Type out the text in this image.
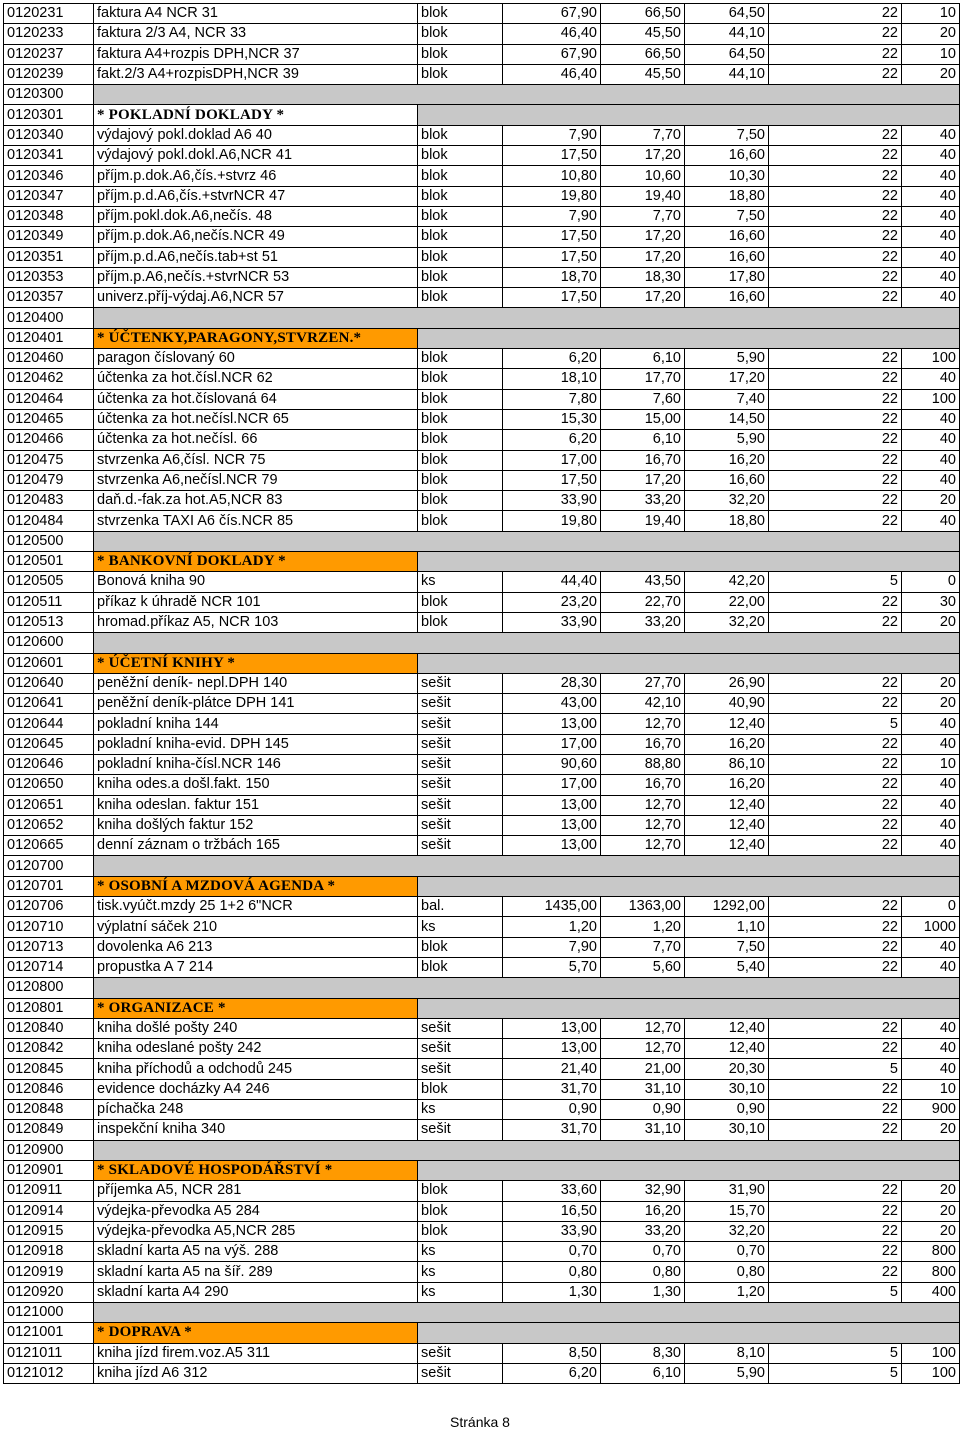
0120231	faktura A4 NCR 31	blok	67,90	66,50	64,50	22	10
0120233	faktura 2/3 A4, NCR 33	blok	46,40	45,50	44,10	22	20
0120237	faktura A4+rozpis DPH,NCR 37	blok	67,90	66,50	64,50	22	10
0120239	fakt.2/3 A4+rozpisDPH,NCR 39	blok	46,40	45,50	44,10	22	20
0120300							
0120301	* POKLADNÍ DOKLADY *						
0120340	výdajový pokl.doklad A6 40	blok	7,90	7,70	7,50	22	40
0120341	výdajový pokl.dokl.A6,NCR 41	blok	17,50	17,20	16,60	22	40
0120346	příjm.p.dok.A6,čís.+stvrz 46	blok	10,80	10,60	10,30	22	40
0120347	příjm.p.d.A6,čís.+stvrNCR 47	blok	19,80	19,40	18,80	22	40
0120348	příjm.pokl.dok.A6,nečís. 48	blok	7,90	7,70	7,50	22	40
0120349	příjm.p.dok.A6,nečís.NCR 49	blok	17,50	17,20	16,60	22	40
0120351	příjm.p.d.A6,nečís.tab+st 51	blok	17,50	17,20	16,60	22	40
0120353	příjm.p.A6,nečís.+stvrNCR 53	blok	18,70	18,30	17,80	22	40
0120357	univerz.příj-výdaj.A6,NCR 57	blok	17,50	17,20	16,60	22	40
0120400							
0120401	* ÚČTENKY,PARAGONY,STVRZEN.*						
0120460	paragon číslovaný 60	blok	6,20	6,10	5,90	22	100
0120462	účtenka za hot.čísl.NCR 62	blok	18,10	17,70	17,20	22	40
0120464	účtenka za hot.číslovaná 64	blok	7,80	7,60	7,40	22	100
0120465	účtenka za hot.nečísl.NCR 65	blok	15,30	15,00	14,50	22	40
0120466	účtenka za hot.nečísl. 66	blok	6,20	6,10	5,90	22	40
0120475	stvrzenka A6,čísl. NCR 75	blok	17,00	16,70	16,20	22	40
0120479	stvrzenka A6,nečísl.NCR 79	blok	17,50	17,20	16,60	22	40
0120483	daň.d.-fak.za hot.A5,NCR 83	blok	33,90	33,20	32,20	22	20
0120484	stvrzenka TAXI A6 čís.NCR 85	blok	19,80	19,40	18,80	22	40
0120500							
0120501	* BANKOVNÍ DOKLADY *						
0120505	Bonová kniha 90	ks	44,40	43,50	42,20	5	0
0120511	příkaz k úhradě NCR 101	blok	23,20	22,70	22,00	22	30
0120513	hromad.příkaz A5, NCR 103	blok	33,90	33,20	32,20	22	20
0120600							
0120601	* ÚČETNÍ KNIHY *						
0120640	peněžní deník- nepl.DPH 140	sešit	28,30	27,70	26,90	22	20
0120641	peněžní deník-plátce DPH 141	sešit	43,00	42,10	40,90	22	20
0120644	pokladní kniha 144	sešit	13,00	12,70	12,40	5	40
0120645	pokladní kniha-evid. DPH 145	sešit	17,00	16,70	16,20	22	40
0120646	pokladní kniha-čísl.NCR 146	sešit	90,60	88,80	86,10	22	10
0120650	kniha odes.a došl.fakt. 150	sešit	17,00	16,70	16,20	22	40
0120651	kniha odeslan. faktur 151	sešit	13,00	12,70	12,40	22	40
0120652	kniha došlých faktur 152	sešit	13,00	12,70	12,40	22	40
0120665	denní záznam o tržbách 165	sešit	13,00	12,70	12,40	22	40
0120700							
0120701	* OSOBNÍ A MZDOVÁ AGENDA *						
0120706	tisk.vyúčt.mzdy 25 1+2 6"NCR	bal.	1435,00	1363,00	1292,00	22	0
0120710	výplatní sáček 210	ks	1,20	1,20	1,10	22	1000
0120713	dovolenka A6 213	blok	7,90	7,70	7,50	22	40
0120714	propustka A 7 214	blok	5,70	5,60	5,40	22	40
0120800							
0120801	* ORGANIZACE *						
0120840	kniha došlé pošty 240	sešit	13,00	12,70	12,40	22	40
0120842	kniha odeslané pošty 242	sešit	13,00	12,70	12,40	22	40
0120845	kniha příchodů a odchodů 245	sešit	21,40	21,00	20,30	5	40
0120846	evidence docházky A4 246	blok	31,70	31,10	30,10	22	10
0120848	píchačka 248	ks	0,90	0,90	0,90	22	900
0120849	inspekční kniha 340	sešit	31,70	31,10	30,10	22	20
0120900							
0120901	* SKLADOVÉ HOSPODÁŘSTVÍ *						
0120911	příjemka A5, NCR 281	blok	33,60	32,90	31,90	22	20
0120914	výdejka-převodka A5 284	blok	16,50	16,20	15,70	22	20
0120915	výdejka-převodka A5,NCR 285	blok	33,90	33,20	32,20	22	20
0120918	skladní karta A5 na výš. 288	ks	0,70	0,70	0,70	22	800
0120919	skladní karta A5 na šíř. 289	ks	0,80	0,80	0,80	22	800
0120920	skladní karta A4 290	ks	1,30	1,30	1,20	5	400
0121000							
0121001	* DOPRAVA *						
0121011	kniha jízd firem.voz.A5 311	sešit	8,50	8,30	8,10	5	100
0121012	kniha jízd A6 312	sešit	6,20	6,10	5,90	5	100
Stránka 8
